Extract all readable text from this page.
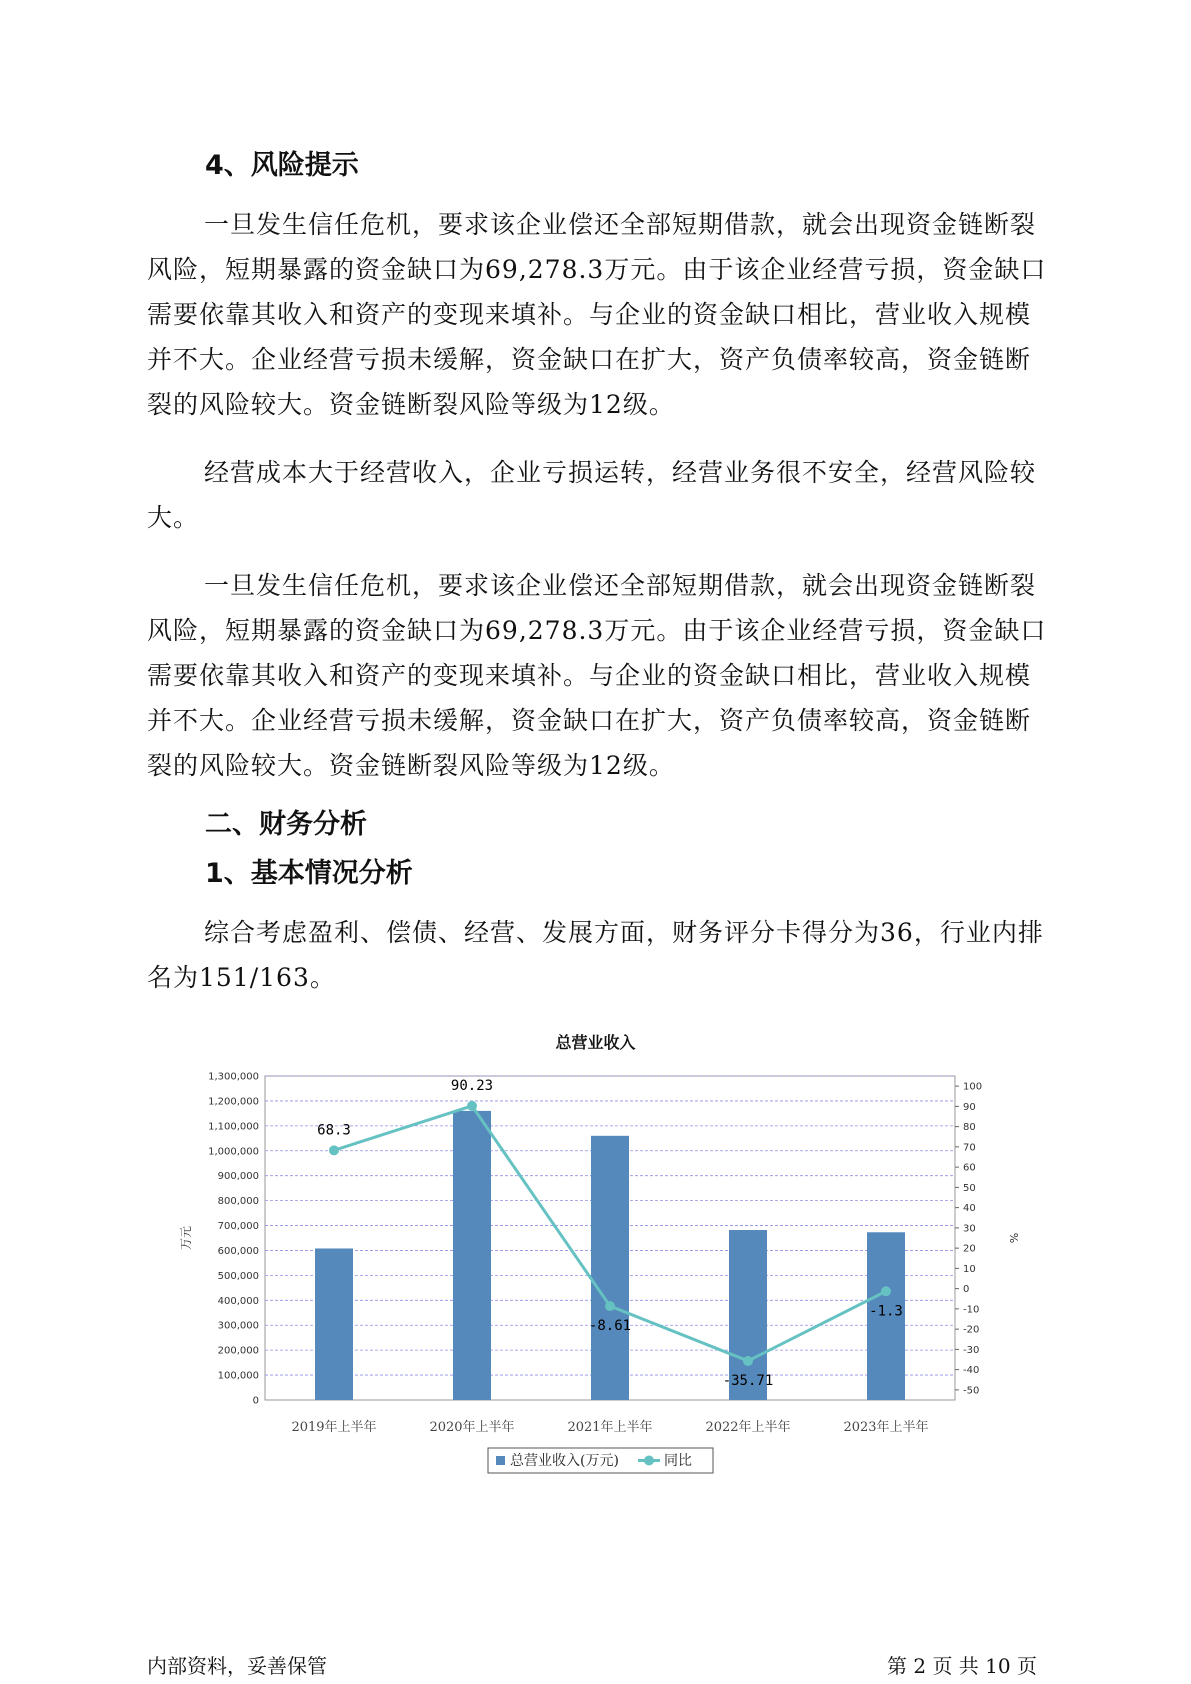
4、风险提示

一旦发生信任危机，要求该企业偿还全部短期借款，就会出现资金链断裂风险，短期暴露的资金缺口为69,278.3万元。由于该企业经营亏损，资金缺口需要依靠其收入和资产的变现来填补。与企业的资金缺口相比，营业收入规模并不大。企业经营亏损未缓解，资金缺口在扩大，资产负债率较高，资金链断裂的风险较大。资金链断裂风险等级为12级。

经营成本大于经营收入，企业亏损运转，经营业务很不安全，经营风险较大。

一旦发生信任危机，要求该企业偿还全部短期借款，就会出现资金链断裂风险，短期暴露的资金缺口为69,278.3万元。由于该企业经营亏损，资金缺口需要依靠其收入和资产的变现来填补。与企业的资金缺口相比，营业收入规模并不大。企业经营亏损未缓解，资金缺口在扩大，资产负债率较高，资金链断裂的风险较大。资金链断裂风险等级为12级。

二、财务分析
1、基本情况分析

综合考虑盈利、偿债、经营、发展方面，财务评分卡得分为36，行业内排名为151/163。

总营业收入
0
100,000
200,000
300,000
400,000
500,000
600,000
700,000
800,000
900,000
1,000,000
1,100,000
1,200,000
1,300,000
-50
-40
-30
-20
-10
0
10
20
30
40
50
60
70
80
90
100
万元	%
2019年上半年	2020年上半年	2021年上半年	2022年上半年	2023年上半年
68.3
90.23
-8.61
-35.71
-1.3
总营业收入(万元)	同比

内部资料，妥善保管	第 2 页 共 10 页
